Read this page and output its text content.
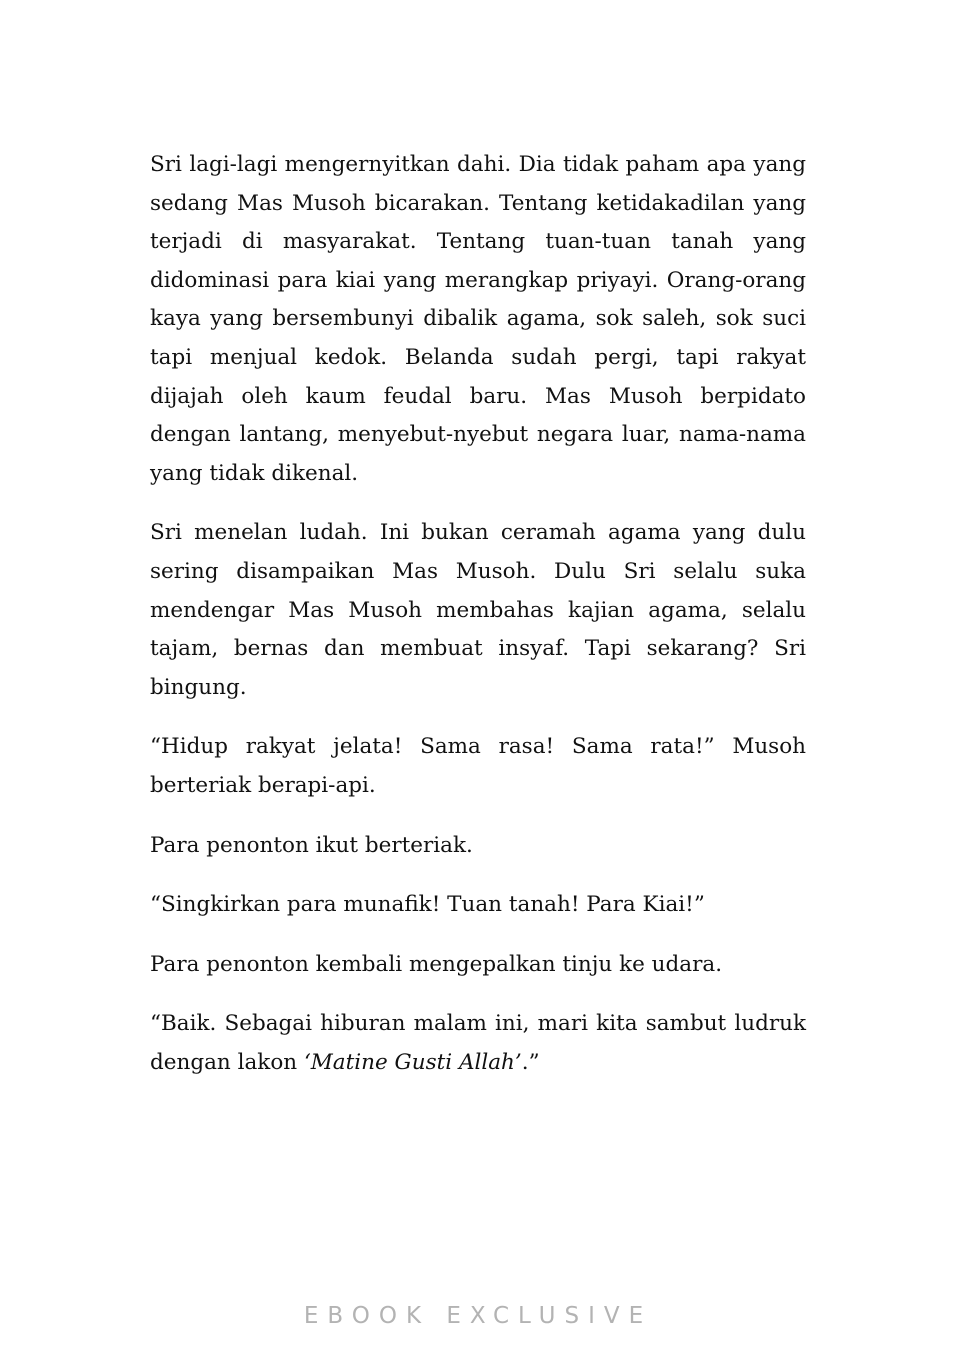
Sri lagi-lagi mengernyitkan dahi. Dia tidak paham apa yang sedang Mas Musoh bicarakan. Tentang ketidakadilan yang terjadi di masyarakat. Tentang tuan-tuan tanah yang didominasi para kiai yang merangkap priyayi. Orang-orang kaya yang bersembunyi dibalik agama, sok saleh, sok suci tapi menjual kedok. Belanda sudah pergi, tapi rakyat dijajah oleh kaum feudal baru. Mas Musoh berpidato dengan lantang, menyebut-nyebut negara luar, nama-nama yang tidak dikenal.

Sri menelan ludah. Ini bukan ceramah agama yang dulu sering disampaikan Mas Musoh. Dulu Sri selalu suka mendengar Mas Musoh membahas kajian agama, selalu tajam, bernas dan membuat insyaf. Tapi sekarang? Sri bingung.

“Hidup rakyat jelata! Sama rasa! Sama rata!” Musoh berteriak berapi-api.

Para penonton ikut berteriak.

“Singkirkan para munafik! Tuan tanah! Para Kiai!”

Para penonton kembali mengepalkan tinju ke udara.

“Baik. Sebagai hiburan malam ini, mari kita sambut ludruk dengan lakon ‘Matine Gusti Allah’.”

EBOOK EXCLUSIVE
